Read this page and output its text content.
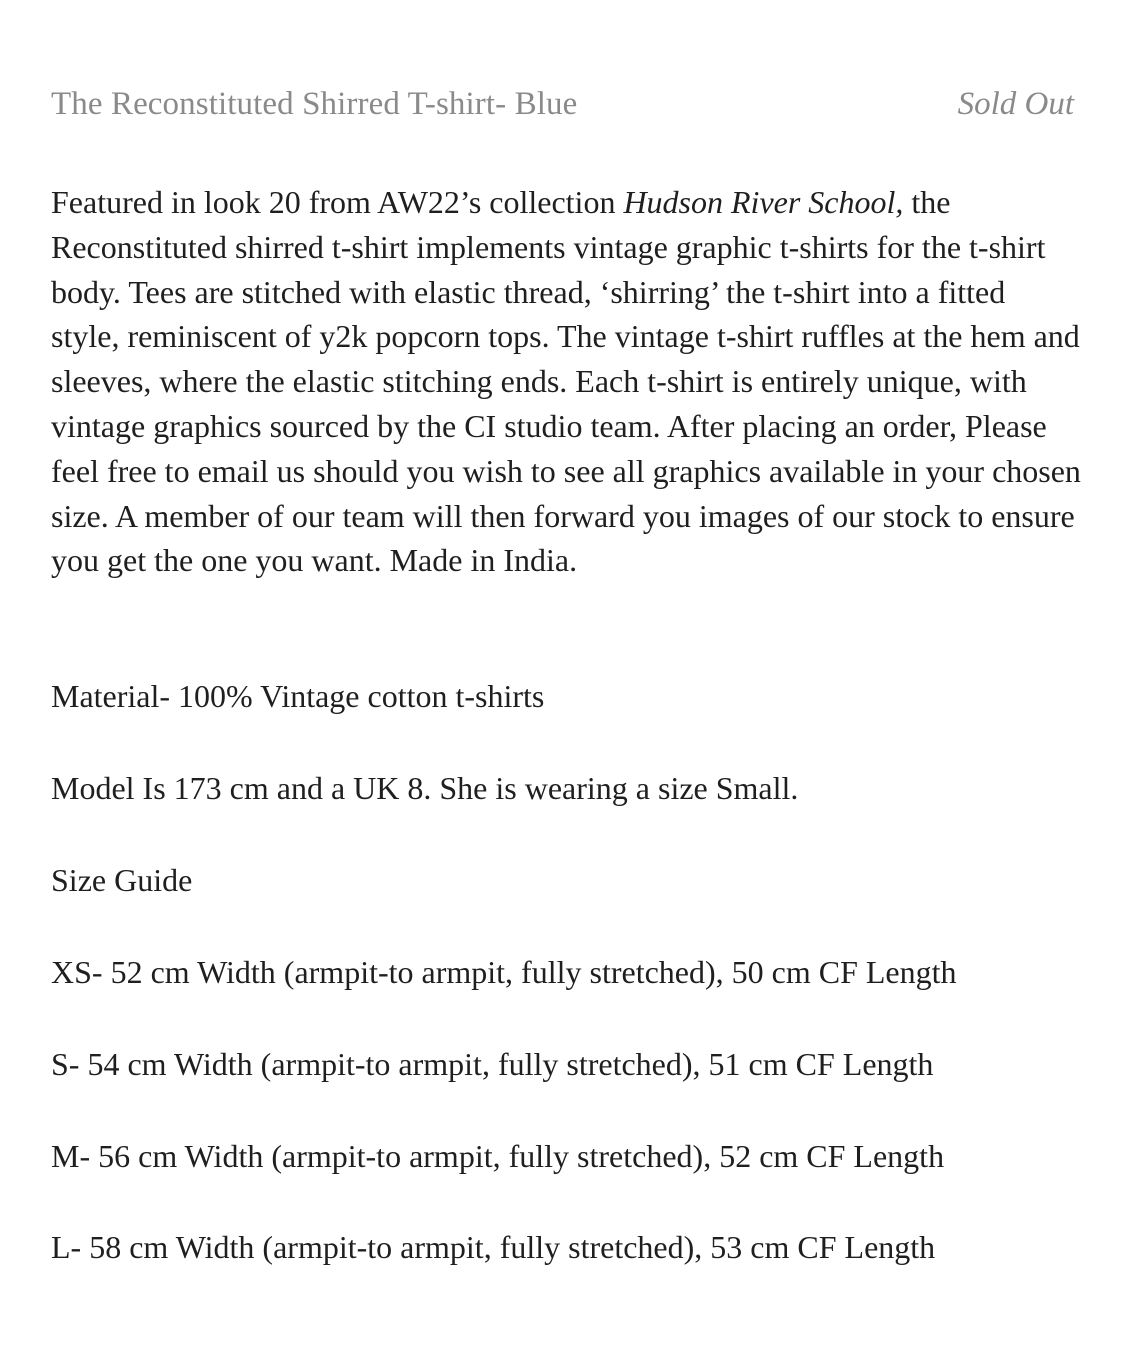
The Reconstituted Shirred T-shirt- Blue	Sold Out

Featured in look 20 from AW22’s collection Hudson River School, the Reconstituted shirred t-shirt implements vintage graphic t-shirts for the t-shirt body. Tees are stitched with elastic thread, ‘shirring’ the t-shirt into a fitted style, reminiscent of y2k popcorn tops. The vintage t-shirt ruffles at the hem and sleeves, where the elastic stitching ends. Each t-shirt is entirely unique, with vintage graphics sourced by the CI studio team. After placing an order, Please feel free to email us should you wish to see all graphics available in your chosen size. A member of our team will then forward you images of our stock to ensure you get the one you want. Made in India.

Material- 100% Vintage cotton t-shirts
Model Is 173 cm and a UK 8. She is wearing a size Small.
Size Guide
XS- 52 cm Width (armpit-to armpit, fully stretched), 50 cm CF Length
S- 54 cm Width (armpit-to armpit, fully stretched), 51 cm CF Length
M- 56 cm Width (armpit-to armpit, fully stretched), 52 cm CF Length
L- 58 cm Width (armpit-to armpit, fully stretched), 53 cm CF Length
